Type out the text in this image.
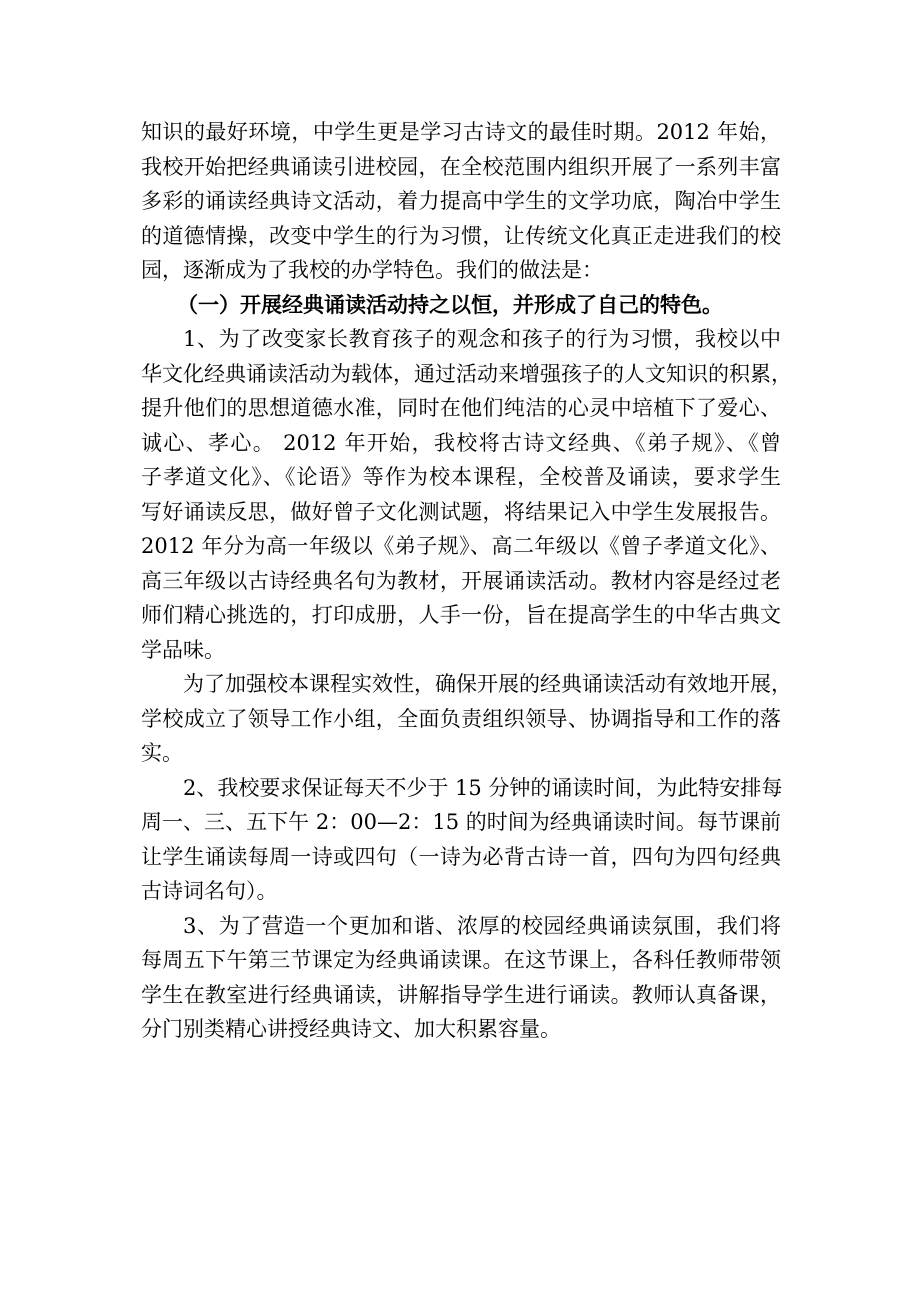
知识的最好环境，中学生更是学习古诗文的最佳时期。2012 年始，
我校开始把经典诵读引进校园，在全校范围内组织开展了一系列丰富
多彩的诵读经典诗文活动，着力提高中学生的文学功底，陶冶中学生
的道德情操，改变中学生的行为习惯，让传统文化真正走进我们的校
园，逐渐成为了我校的办学特色。我们的做法是：
（一）开展经典诵读活动持之以恒，并形成了自己的特色。
1、为了改变家长教育孩子的观念和孩子的行为习惯，我校以中
华文化经典诵读活动为载体，通过活动来增强孩子的人文知识的积累，
提升他们的思想道德水准，同时在他们纯洁的心灵中培植下了爱心、
诚心、孝心。 2012 年开始，我校将古诗文经典、《弟子规》、《曾
子孝道文化》、《论语》等作为校本课程，全校普及诵读，要求学生
写好诵读反思，做好曾子文化测试题，将结果记入中学生发展报告。
2012 年分为高一年级以《弟子规》、高二年级以《曾子孝道文化》、
高三年级以古诗经典名句为教材，开展诵读活动。教材内容是经过老
师们精心挑选的，打印成册，人手一份，旨在提高学生的中华古典文
学品味。
为了加强校本课程实效性，确保开展的经典诵读活动有效地开展，
学校成立了领导工作小组，全面负责组织领导、协调指导和工作的落
实。
2、我校要求保证每天不少于 15 分钟的诵读时间，为此特安排每
周一、三、五下午 2：00—2：15 的时间为经典诵读时间。每节课前
让学生诵读每周一诗或四句（一诗为必背古诗一首，四句为四句经典
古诗词名句）。
3、为了营造一个更加和谐、浓厚的校园经典诵读氛围，我们将
每周五下午第三节课定为经典诵读课。在这节课上，各科任教师带领
学生在教室进行经典诵读，讲解指导学生进行诵读。教师认真备课，
分门别类精心讲授经典诗文、加大积累容量。
